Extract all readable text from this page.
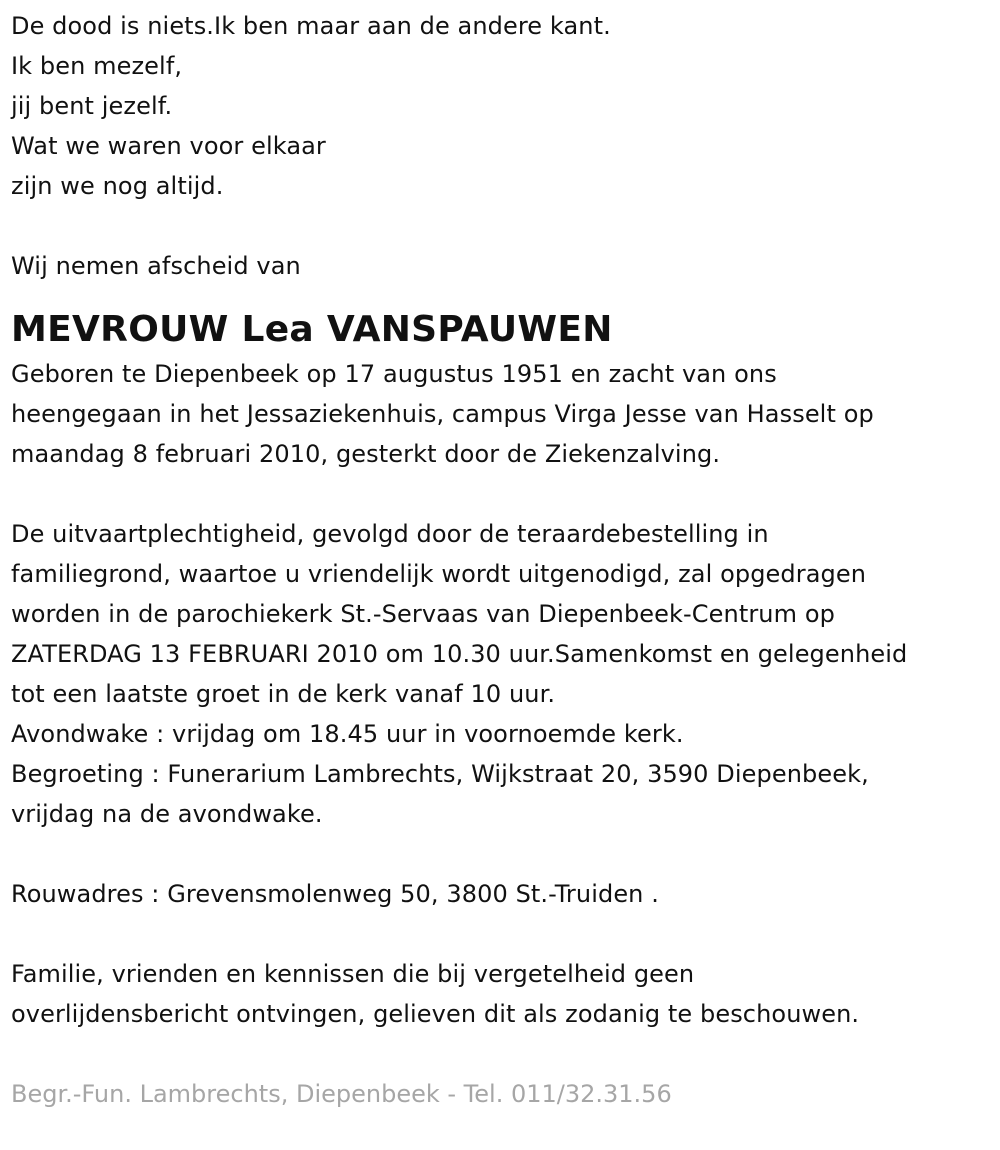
De dood is niets.Ik ben maar aan de andere kant.
Ik ben mezelf,
jij bent jezelf.
Wat we waren voor elkaar
zijn we nog altijd.
Wij nemen afscheid van
MEVROUW Lea VANSPAUWEN
Geboren te Diepenbeek op 17 augustus 1951 en zacht van ons
heengegaan in het Jessaziekenhuis, campus Virga Jesse van Hasselt op
maandag 8 februari 2010, gesterkt door de Ziekenzalving.
De uitvaartplechtigheid, gevolgd door de teraardebestelling in
familiegrond, waartoe u vriendelijk wordt uitgenodigd, zal opgedragen
worden in de parochiekerk St.-Servaas van Diepenbeek-Centrum op
ZATERDAG 13 FEBRUARI 2010 om 10.30 uur.Samenkomst en gelegenheid
tot een laatste groet in de kerk vanaf 10 uur.
Avondwake : vrijdag om 18.45 uur in voornoemde kerk.
Begroeting : Funerarium Lambrechts, Wijkstraat 20, 3590 Diepenbeek,
vrijdag na de avondwake.
Rouwadres : Grevensmolenweg 50, 3800 St.-Truiden .
Familie, vrienden en kennissen die bij vergetelheid geen
overlijdensbericht ontvingen, gelieven dit als zodanig te beschouwen.
Begr.-Fun. Lambrechts, Diepenbeek - Tel. 011/32.31.56
